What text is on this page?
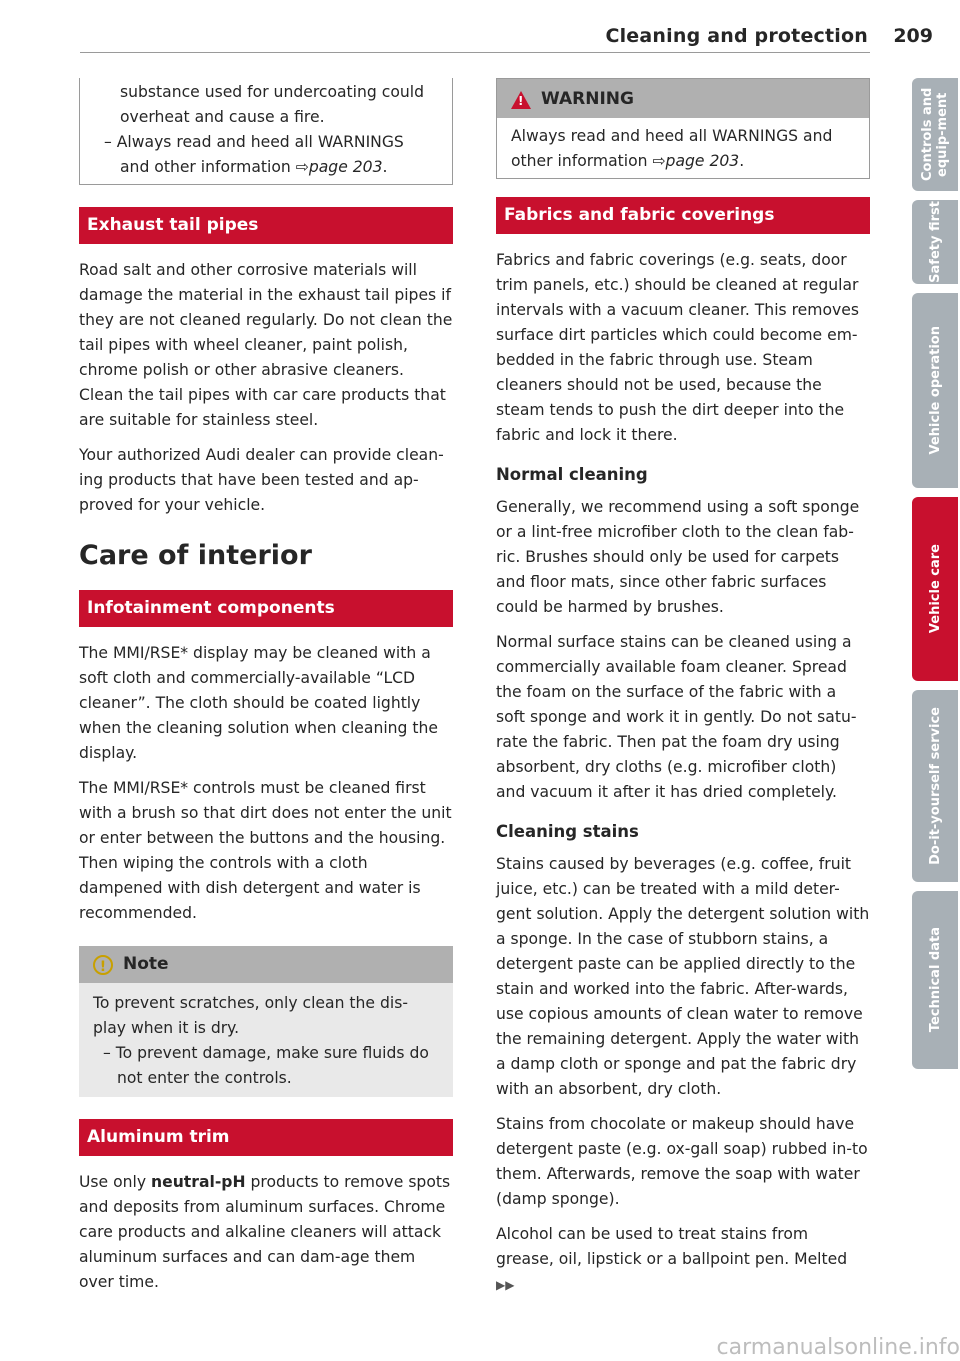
Cleaning and protection 209

substance used for undercoating could

overheat and cause a fire.

– Always read and heed all WARNINGS and other information ⇨page 203.

Exhaust tail pipes

Road salt and other corrosive materials will damage the material in the exhaust tail pipes if they are not cleaned regularly. Do not clean the tail pipes with wheel cleaner, paint polish, chrome polish or other abrasive cleaners. Clean the tail pipes with car care products that are suitable for stainless steel.

Your authorized Audi dealer can provide clean-ing products that have been tested and ap-proved for your vehicle.

Care of interior
Infotainment components

The MMI/RSE* display may be cleaned with a soft cloth and commercially-available “LCD cleaner”. The cloth should be coated lightly when the cleaning solution when cleaning the display.

The MMI/RSE* controls must be cleaned first with a brush so that dirt does not enter the unit or enter between the buttons and the housing. Then wiping the controls with a cloth dampened with dish detergent and water is recommended.

! Note

To prevent scratches, only clean the dis-play when it is dry.

– To prevent damage, make sure fluids do not enter the controls.

Aluminum trim

Use only neutral-pH products to remove spots and deposits from aluminum surfaces. Chrome care products and alkaline cleaners will attack aluminum surfaces and can dam-age them over time.

! WARNING

Always read and heed all WARNINGS and other information ⇨page 203.

Fabrics and fabric coverings

Fabrics and fabric coverings (e.g. seats, door trim panels, etc.) should be cleaned at regular intervals with a vacuum cleaner. This removes surface dirt particles which could become em-bedded in the fabric through use. Steam cleaners should not be used, because the steam tends to push the dirt deeper into the fabric and lock it there.

Normal cleaning

Generally, we recommend using a soft sponge or a lint-free microfiber cloth to the clean fab-ric. Brushes should only be used for carpets and floor mats, since other fabric surfaces could be harmed by brushes.

Normal surface stains can be cleaned using a commercially available foam cleaner. Spread the foam on the surface of the fabric with a soft sponge and work it in gently. Do not satu-rate the fabric. Then pat the foam dry using absorbent, dry cloths (e.g. microfiber cloth) and vacuum it after it has dried completely.

Cleaning stains

Stains caused by beverages (e.g. coffee, fruit juice, etc.) can be treated with a mild deter-gent solution. Apply the detergent solution with a sponge. In the case of stubborn stains, a detergent paste can be applied directly to the stain and worked into the fabric. After-wards, use copious amounts of clean water to remove the remaining detergent. Apply the water with a damp cloth or sponge and pat the fabric dry with an absorbent, dry cloth.

Stains from chocolate or makeup should have detergent paste (e.g. ox-gall soap) rubbed in-to them. Afterwards, remove the soap with water (damp sponge).

Alcohol can be used to treat stains from grease, oil, lipstick or a ballpoint pen. Melted ▶▶

Controls and equip-ment
Safety first
Vehicle operation
Vehicle care
Do-it-yourself service
Technical data
carmanualsonline.info
